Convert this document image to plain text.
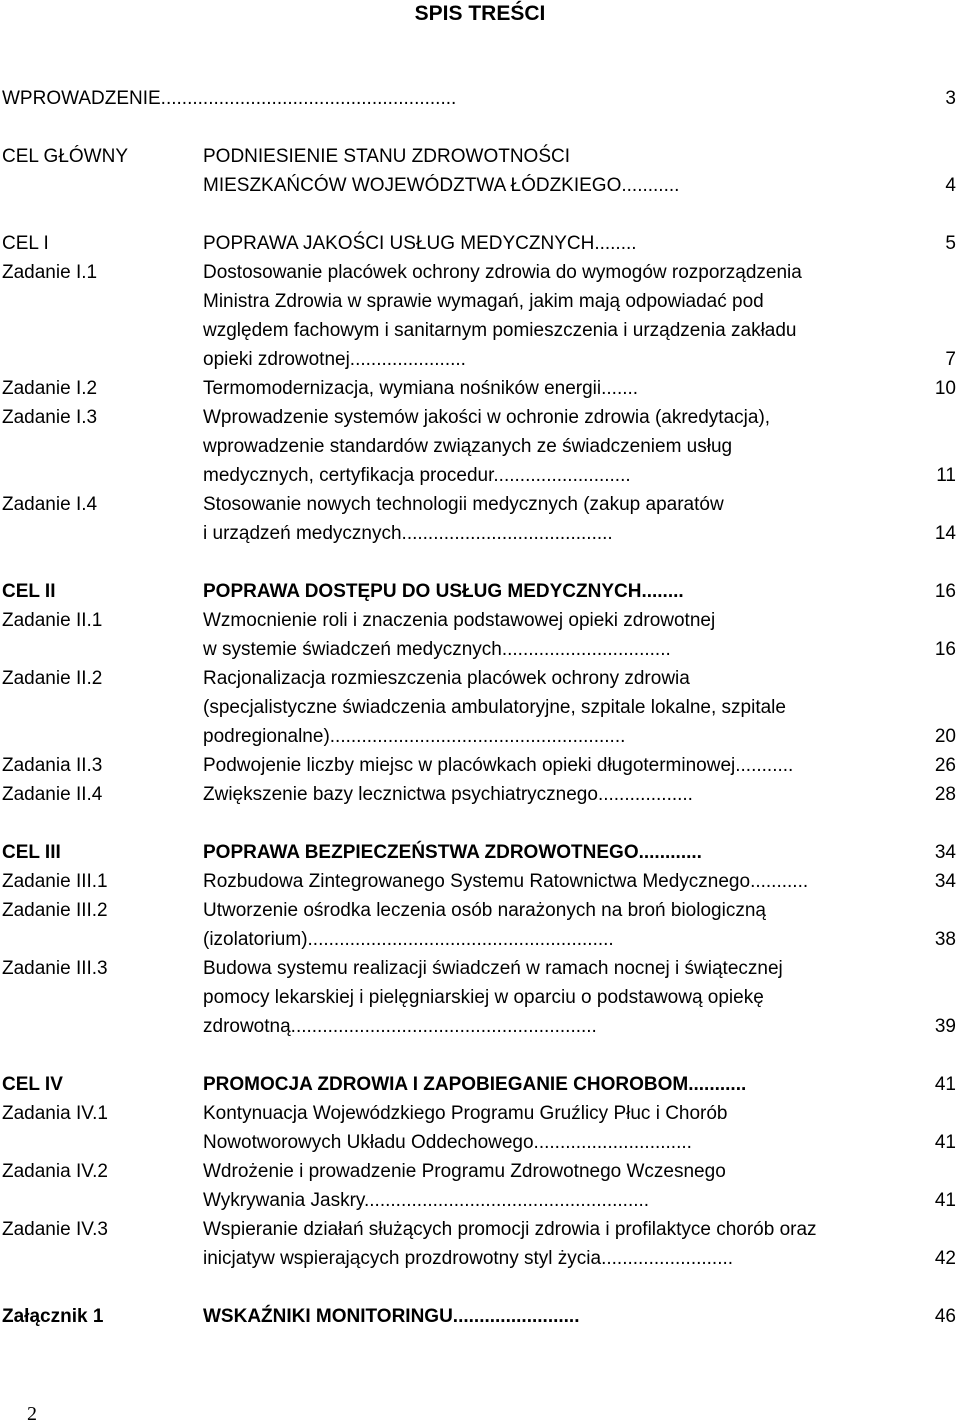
SPIS TREŚCI
WPROWADZENIE........................................................	3
CEL GŁÓWNY	PODNIESIENIE STANU ZDROWOTNOŚCI
MIESZKAŃCÓW WOJEWÓDZTWA ŁÓDZKIEGO...........	4
CEL I	POPRAWA JAKOŚCI USŁUG MEDYCZNYCH........	5
Zadanie I.1	Dostosowanie placówek ochrony zdrowia do wymogów rozporządzenia
Ministra Zdrowia w sprawie wymagań, jakim mają odpowiadać pod
względem fachowym i sanitarnym pomieszczenia i urządzenia zakładu
opieki zdrowotnej......................	7
Zadanie I.2	Termomodernizacja, wymiana nośników energii.......	10
Zadanie I.3	Wprowadzenie systemów jakości w ochronie zdrowia (akredytacja),
wprowadzenie standardów związanych ze świadczeniem usług
medycznych, certyfikacja procedur..........................	11
Zadanie I.4	Stosowanie nowych technologii medycznych (zakup aparatów
i urządzeń medycznych........................................	14
CEL II	POPRAWA DOSTĘPU DO USŁUG MEDYCZNYCH........	16
Zadanie II.1	Wzmocnienie roli i znaczenia podstawowej opieki zdrowotnej
w systemie świadczeń medycznych................................	16
Zadanie II.2	Racjonalizacja rozmieszczenia placówek ochrony zdrowia
(specjalistyczne świadczenia ambulatoryjne, szpitale lokalne, szpitale
podregionalne)........................................................	20
Zadania II.3	Podwojenie liczby miejsc w placówkach opieki długoterminowej...........	26
Zadanie II.4	Zwiększenie bazy lecznictwa psychiatrycznego..................	28
CEL III	POPRAWA BEZPIECZEŃSTWA ZDROWOTNEGO............	34
Zadanie III.1	Rozbudowa Zintegrowanego Systemu Ratownictwa Medycznego...........	34
Zadanie III.2	Utworzenie ośrodka leczenia osób narażonych na broń biologiczną
(izolatorium)..........................................................	38
Zadanie III.3	Budowa systemu realizacji świadczeń w ramach nocnej i świątecznej
pomocy lekarskiej i pielęgniarskiej w oparciu o podstawową opiekę
zdrowotną..........................................................	39
CEL IV	PROMOCJA ZDROWIA I ZAPOBIEGANIE CHOROBOM...........	41
Zadania IV.1	Kontynuacja Wojewódzkiego Programu Gruźlicy Płuc i Chorób
Nowotworowych Układu Oddechowego..............................	41
Zadania IV.2	Wdrożenie i prowadzenie Programu Zdrowotnego Wczesnego
Wykrywania Jaskry......................................................	41
Zadanie IV.3	Wspieranie działań służących promocji zdrowia i profilaktyce chorób oraz
inicjatyw wspierających prozdrowotny styl życia.........................	42
Załącznik 1	WSKAŹNIKI MONITORINGU........................	46
2
